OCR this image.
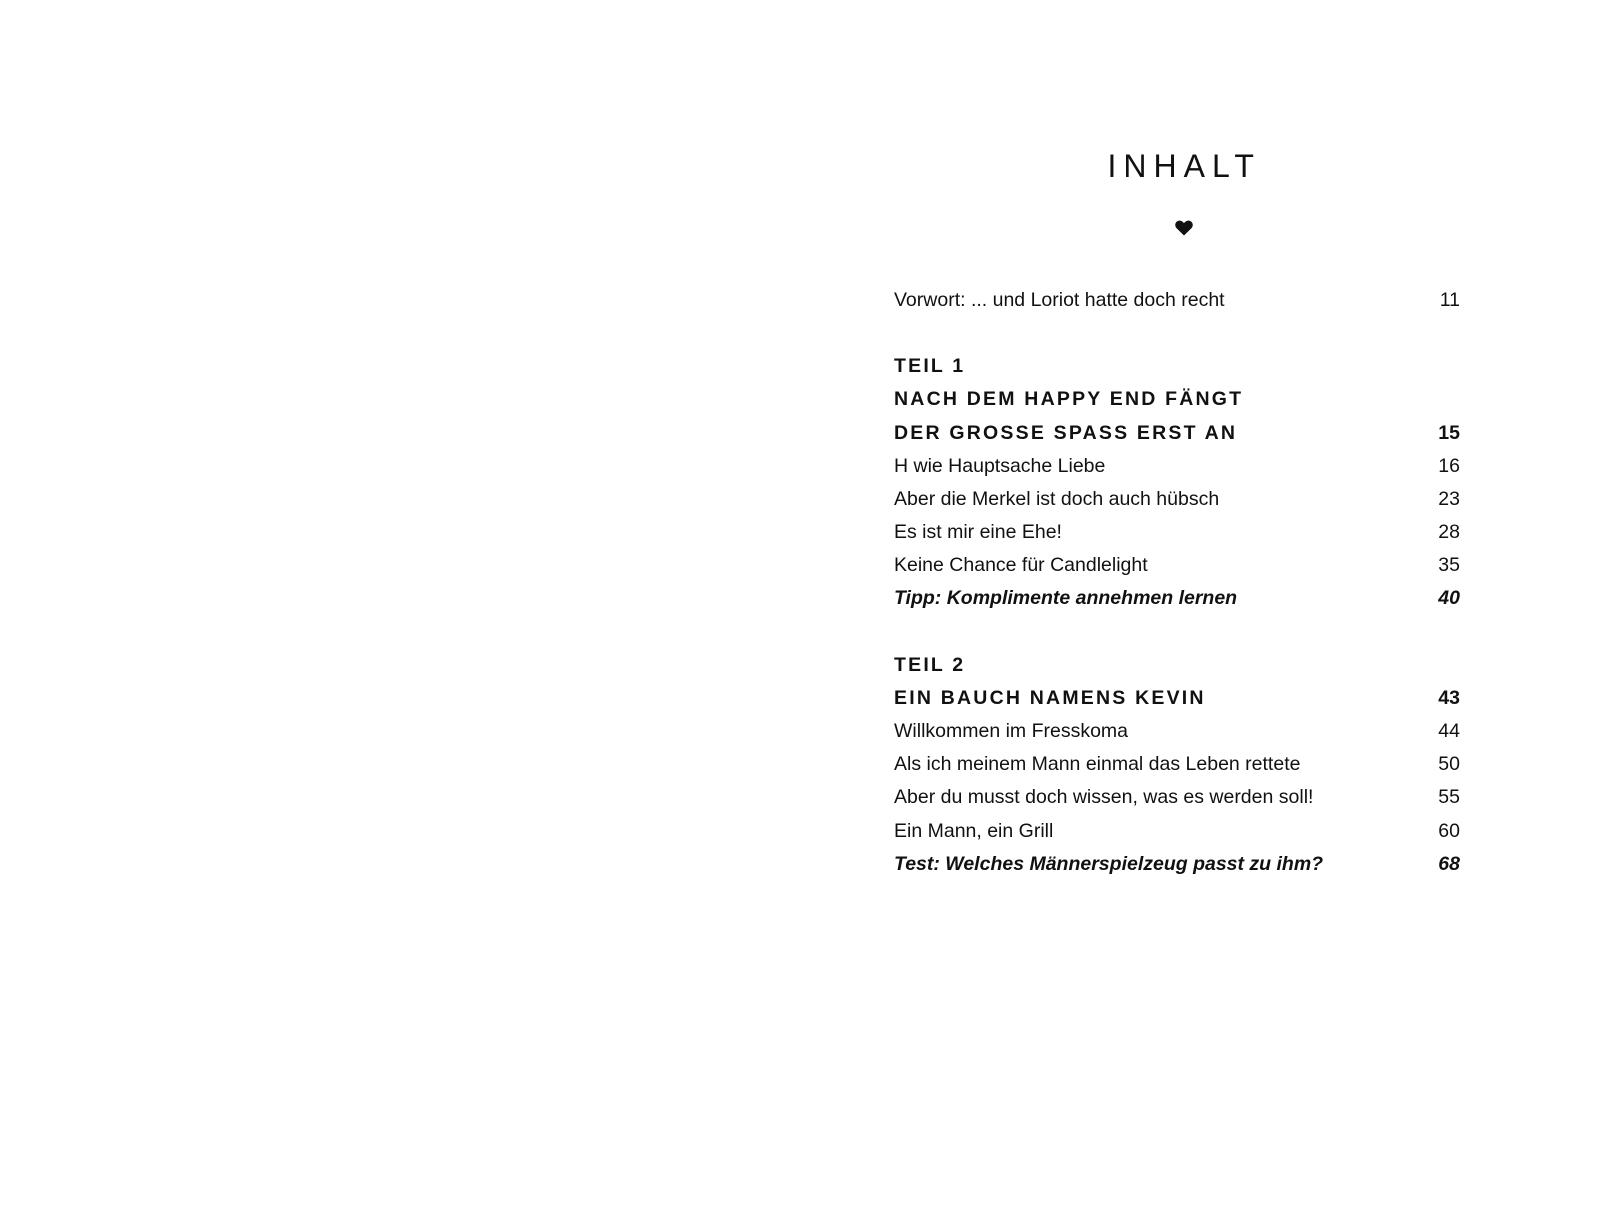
INHALT
Vorwort: ... und Loriot hatte doch recht	11
TEIL 1
NACH DEM HAPPY END FÄNGT
DER GROSSE SPASS ERST AN	15
H wie Hauptsache Liebe	16
Aber die Merkel ist doch auch hübsch	23
Es ist mir eine Ehe!	28
Keine Chance für Candlelight	35
Tipp: Komplimente annehmen lernen	40
TEIL 2
EIN BAUCH NAMENS KEVIN	43
Willkommen im Fresskoma	44
Als ich meinem Mann einmal das Leben rettete	50
Aber du musst doch wissen, was es werden soll!	55
Ein Mann, ein Grill	60
Test: Welches Männerspielzeug passt zu ihm?	68
